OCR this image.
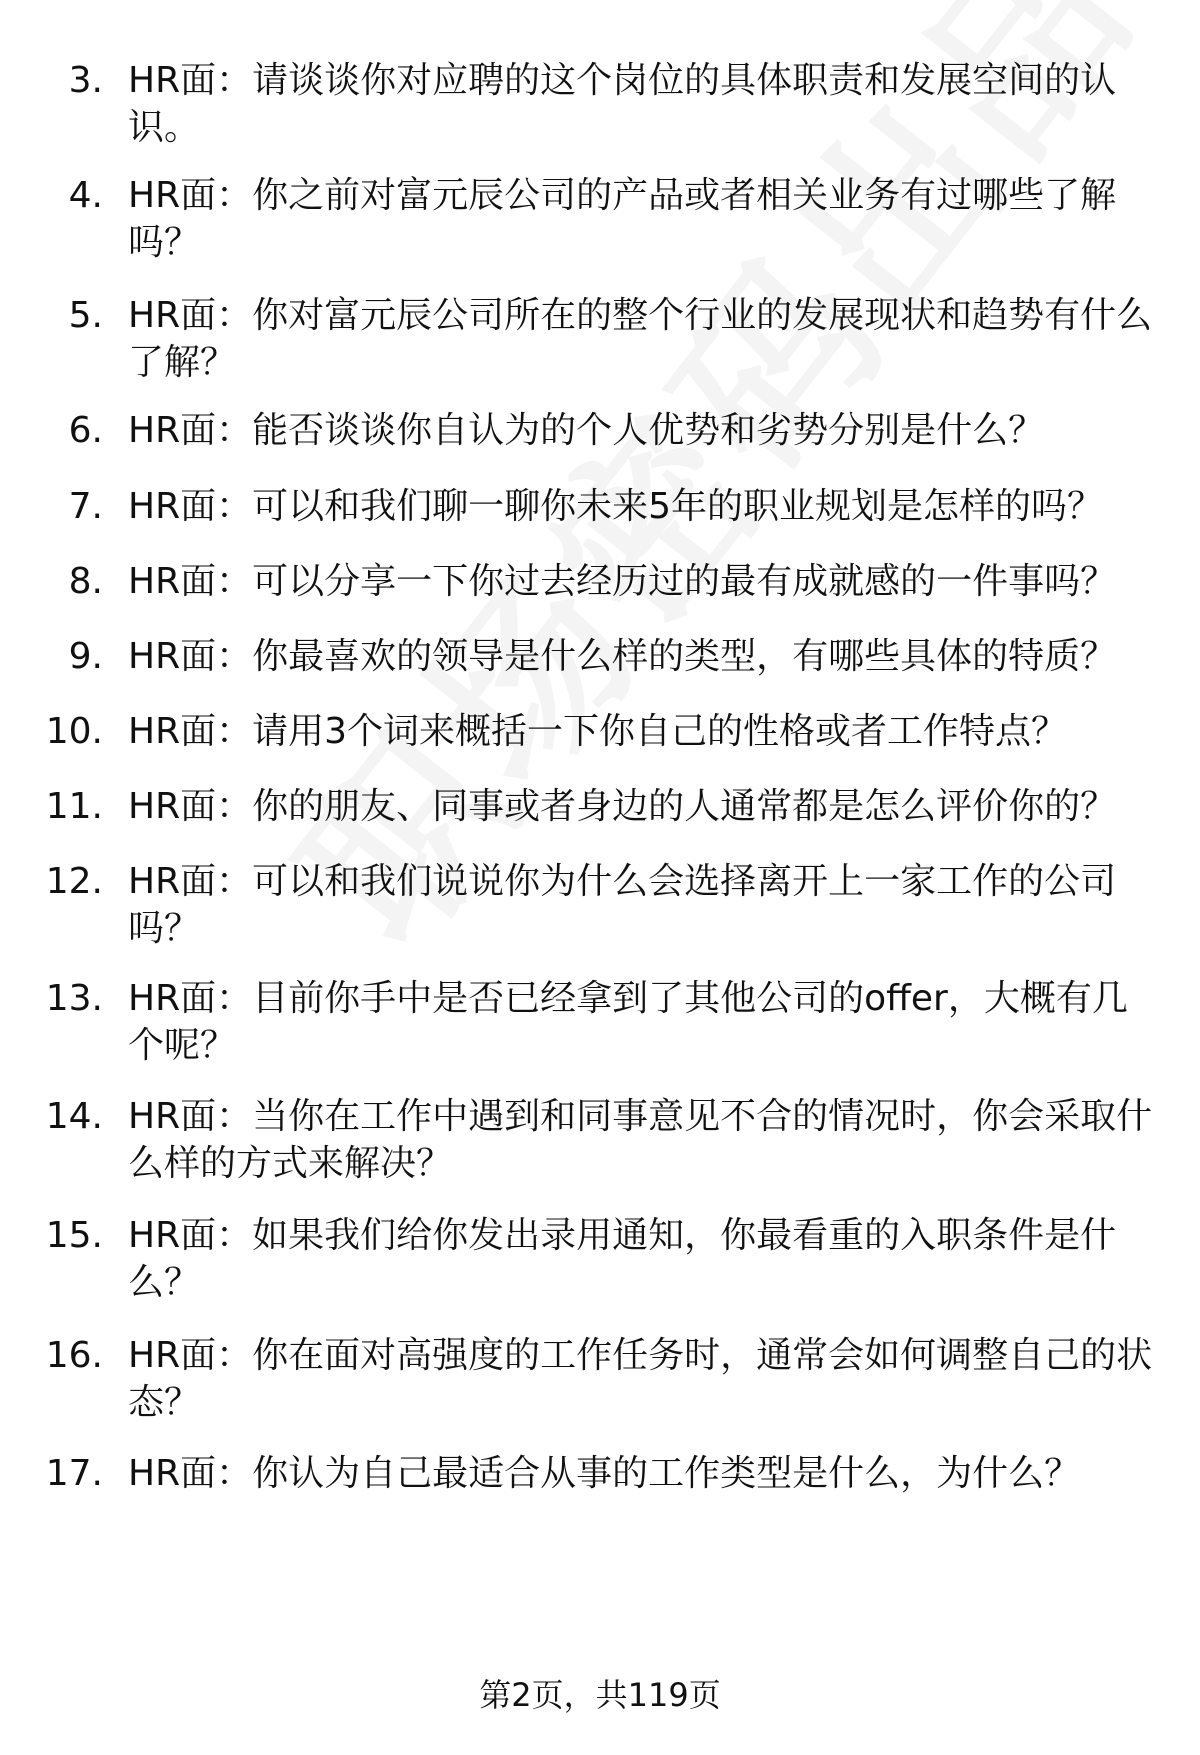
3. HR面：请谈谈你对应聘的这个岗位的具体职责和发展空间的认识。
4. HR面：你之前对富元辰公司的产品或者相关业务有过哪些了解吗？
5. HR面：你对富元辰公司所在的整个行业的发展现状和趋势有什么了解？
6. HR面：能否谈谈你自认为的个人优势和劣势分别是什么？
7. HR面：可以和我们聊一聊你未来5年的职业规划是怎样的吗？
8. HR面：可以分享一下你过去经历过的最有成就感的一件事吗？
9. HR面：你最喜欢的领导是什么样的类型，有哪些具体的特质？
10. HR面：请用3个词来概括一下你自己的性格或者工作特点？
11. HR面：你的朋友、同事或者身边的人通常都是怎么评价你的？
12. HR面：可以和我们说说你为什么会选择离开上一家工作的公司吗？
13. HR面：目前你手中是否已经拿到了其他公司的offer，大概有几个呢？
14. HR面：当你在工作中遇到和同事意见不合的情况时，你会采取什么样的方式来解决？
15. HR面：如果我们给你发出录用通知，你最看重的入职条件是什么？
16. HR面：你在面对高强度的工作任务时，通常会如何调整自己的状态？
17. HR面：你认为自己最适合从事的工作类型是什么，为什么？
第2页，共119页
